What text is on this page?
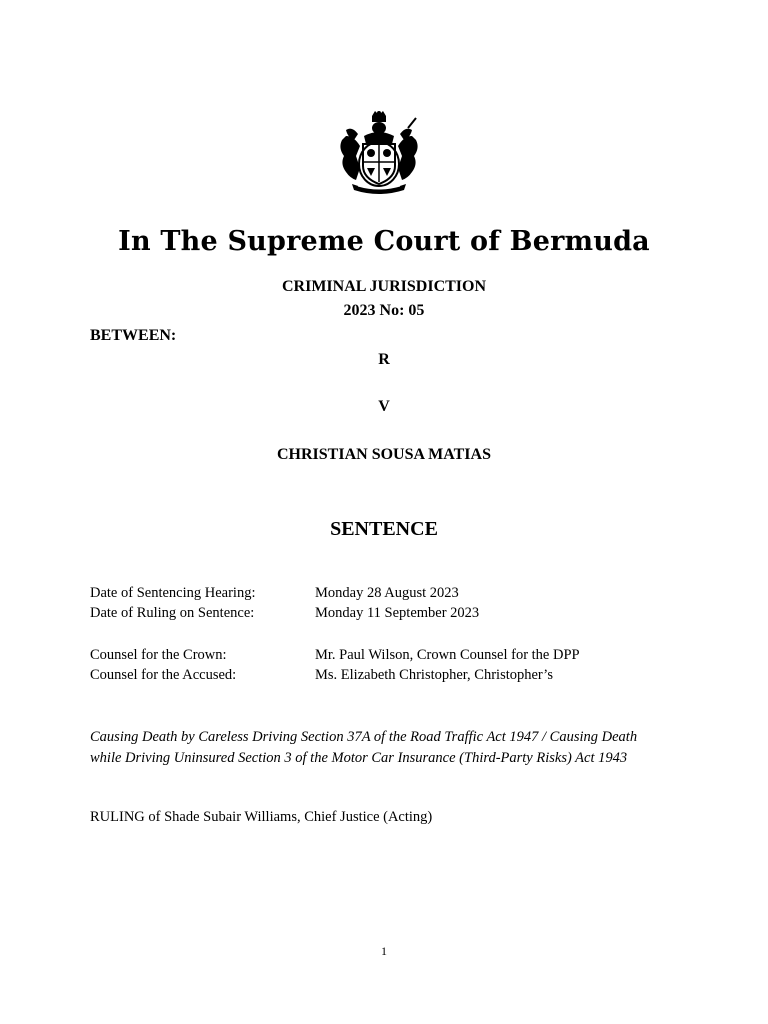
In The Supreme Court of Bermuda
CRIMINAL JURISDICTION
2023 No: 05
BETWEEN:
R
V
CHRISTIAN SOUSA MATIAS
SENTENCE
Date of Sentencing Hearing:	Monday 28 August 2023
Date of Ruling on Sentence:	Monday 11 September 2023
Counsel for the Crown:	Mr. Paul Wilson, Crown Counsel for the DPP
Counsel for the Accused:	Ms. Elizabeth Christopher, Christopher’s
Causing Death by Careless Driving Section 37A of the Road Traffic Act 1947 / Causing Death
while Driving Uninsured Section 3 of the Motor Car Insurance (Third-Party Risks) Act 1943
RULING of Shade Subair Williams, Chief Justice (Acting)
1
